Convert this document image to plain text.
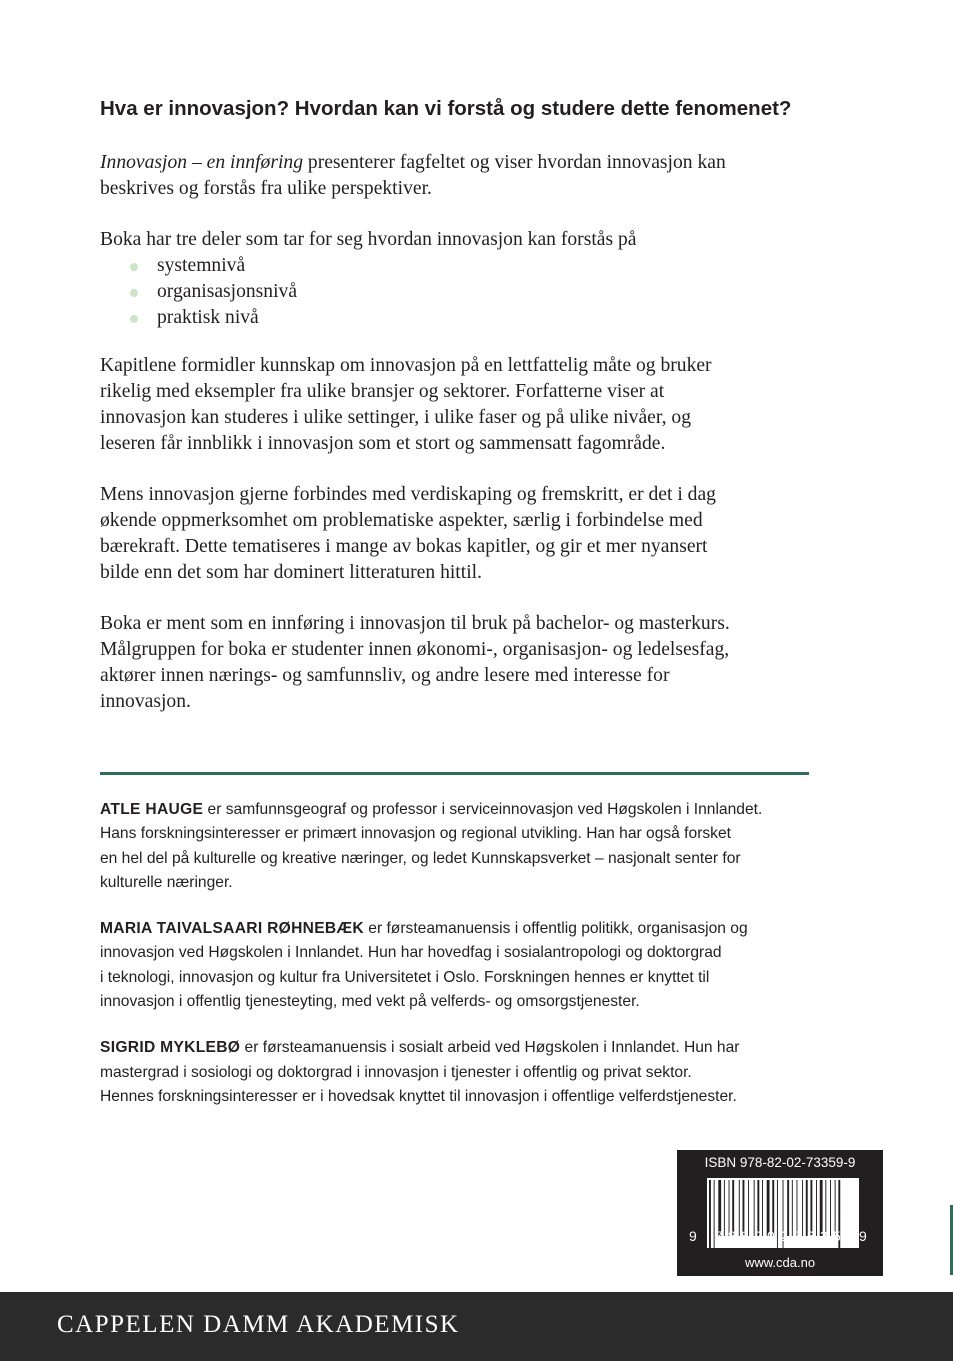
Hva er innovasjon? Hvordan kan vi forstå og studere dette fenomenet?

Innovasjon – en innføring presenterer fagfeltet og viser hvordan innovasjon kan
beskrives og forstås fra ulike perspektiver.

Boka har tre deler som tar for seg hvordan innovasjon kan forstås på

systemnivå
organisasjonsnivå
praktisk nivå

Kapitlene formidler kunnskap om innovasjon på en lettfattelig måte og bruker
rikelig med eksempler fra ulike bransjer og sektorer. Forfatterne viser at
innovasjon kan studeres i ulike settinger, i ulike faser og på ulike nivåer, og
leseren får innblikk i innovasjon som et stort og sammensatt fagområde.

Mens innovasjon gjerne forbindes med verdiskaping og fremskritt, er det i dag
økende oppmerksomhet om problematiske aspekter, særlig i forbindelse med
bærekraft. Dette tematiseres i mange av bokas kapitler, og gir et mer nyansert
bilde enn det som har dominert litteraturen hittil.

Boka er ment som en innføring i innovasjon til bruk på bachelor- og masterkurs.
Målgruppen for boka er studenter innen økonomi-, organisasjon- og ledelsesfag,
aktører innen nærings- og samfunnsliv, og andre lesere med interesse for
innovasjon.

ATLE HAUGE er samfunnsgeograf og professor i serviceinnovasjon ved Høgskolen i Innlandet.
Hans forskningsinteresser er primært innovasjon og regional utvikling. Han har også forsket
en hel del på kulturelle og kreative næringer, og ledet Kunnskapsverket – nasjonalt senter for
kulturelle næringer.

MARIA TAIVALSAARI RØHNEBÆK er førsteamanuensis i offentlig politikk, organisasjon og
innovasjon ved Høgskolen i Innlandet. Hun har hovedfag i sosialantropologi og doktorgrad
i teknologi, innovasjon og kultur fra Universitetet i Oslo. Forskningen hennes er knyttet til
innovasjon i offentlig tjenesteyting, med vekt på velferds- og omsorgstjenester.

SIGRID MYKLEBØ er førsteamanuensis i sosialt arbeid ved Høgskolen i Innlandet. Hun har
mastergrad i sosiologi og doktorgrad i innovasjon i tjenester i offentlig og privat sektor.
Hennes forskningsinteresser er i hovedsak knyttet til innovasjon i offentlige velferdstjenester.

ISBN 978-82-02-73359-9
9 7 8 8 2 0 2 7 3 3 5 9 9
www.cda.no
CAPPELEN DAMM AKADEMISK
